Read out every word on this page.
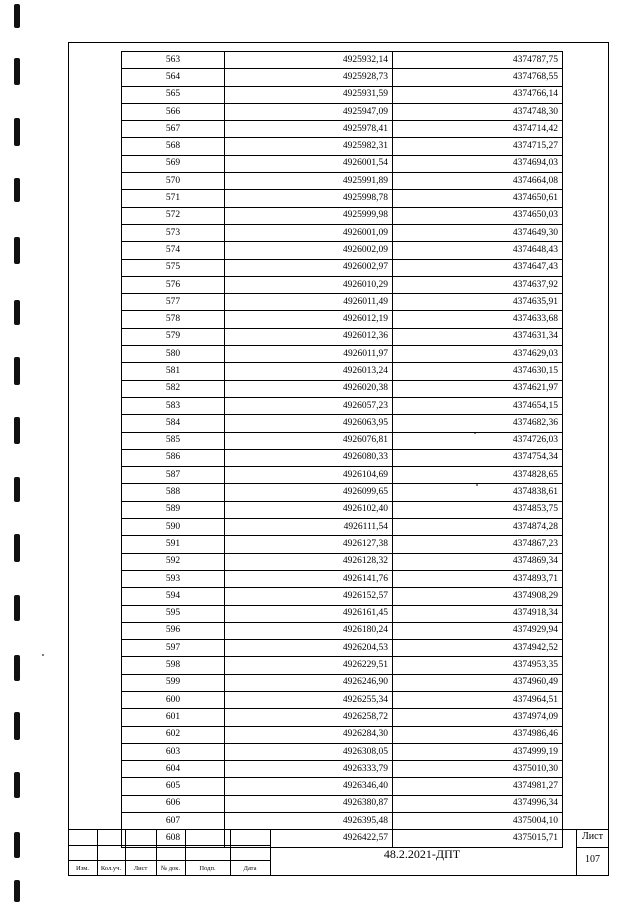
563	4925932,14	4374787,75
564	4925928,73	4374768,55
565	4925931,59	4374766,14
566	4925947,09	4374748,30
567	4925978,41	4374714,42
568	4925982,31	4374715,27
569	4926001,54	4374694,03
570	4925991,89	4374664,08
571	4925998,78	4374650,61
572	4925999,98	4374650,03
573	4926001,09	4374649,30
574	4926002,09	4374648,43
575	4926002,97	4374647,43
576	4926010,29	4374637,92
577	4926011,49	4374635,91
578	4926012,19	4374633,68
579	4926012,36	4374631,34
580	4926011,97	4374629,03
581	4926013,24	4374630,15
582	4926020,38	4374621,97
583	4926057,23	4374654,15
584	4926063,95	4374682,36
585	4926076,81	4374726,03
586	4926080,33	4374754,34
587	4926104,69	4374828,65
588	4926099,65	4374838,61
589	4926102,40	4374853,75
590	4926111,54	4374874,28
591	4926127,38	4374867,23
592	4926128,32	4374869,34
593	4926141,76	4374893,71
594	4926152,57	4374908,29
595	4926161,45	4374918,34
596	4926180,24	4374929,94
597	4926204,53	4374942,52
598	4926229,51	4374953,35
599	4926246,90	4374960,49
600	4926255,34	4374964,51
601	4926258,72	4374974,09
602	4926284,30	4374986,46
603	4926308,05	4374999,19
604	4926333,79	4375010,30
605	4926346,40	4374981,27
606	4926380,87	4374996,34
607	4926395,48	4375004,10
608	4926422,57	4375015,71
Изм.	Кол.уч.	Лист	№ док.	Подп.	Дата
48.2.2021-ДПТ
Лист
107
